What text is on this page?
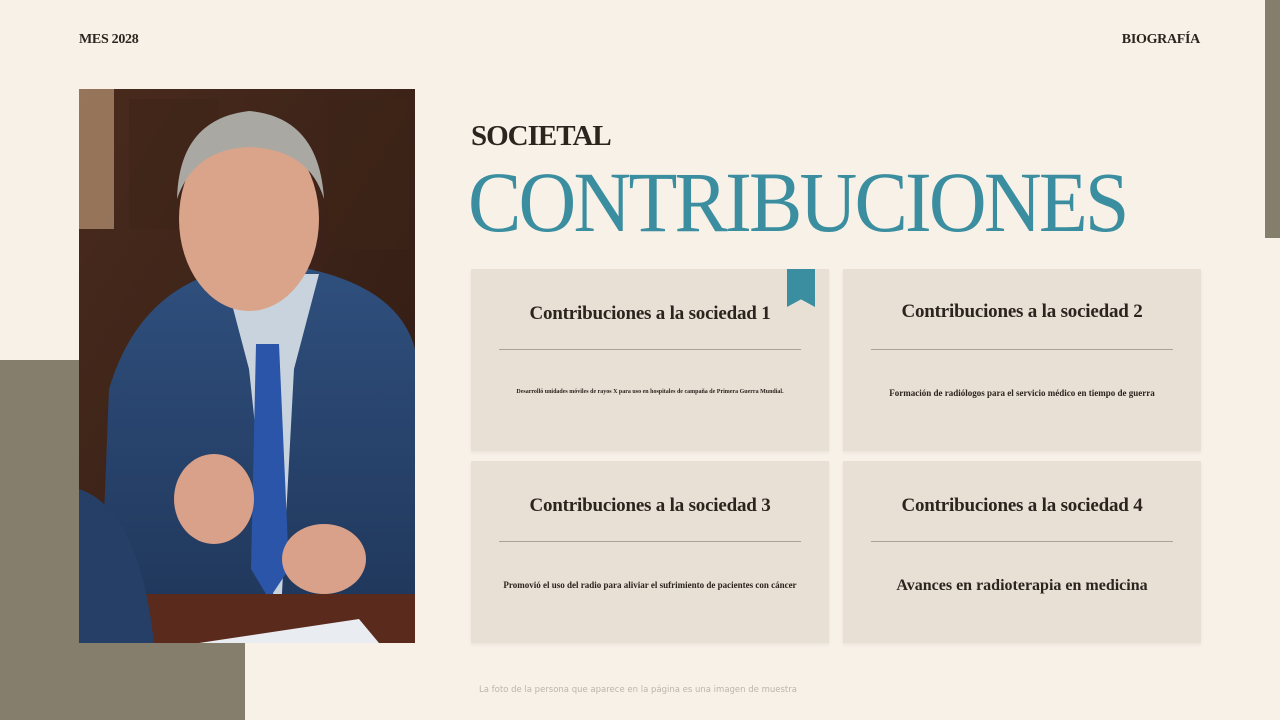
MES 2028	BIOGRAFÍA
SOCIETAL
CONTRIBUCIONES
Contribuciones a la sociedad 1
Desarrolló unidades móviles de rayos X para uso en hospitales de campaña de Primera Guerra Mundial.
Contribuciones a la sociedad 2
Formación de radiólogos para el servicio médico en tiempo de guerra
Contribuciones a la sociedad 3
Promovió el uso del radio para aliviar el sufrimiento de pacientes con cáncer
Contribuciones a la sociedad 4
Avances en radioterapia en medicina
La foto de la persona que aparece en la página es una imagen de muestra
